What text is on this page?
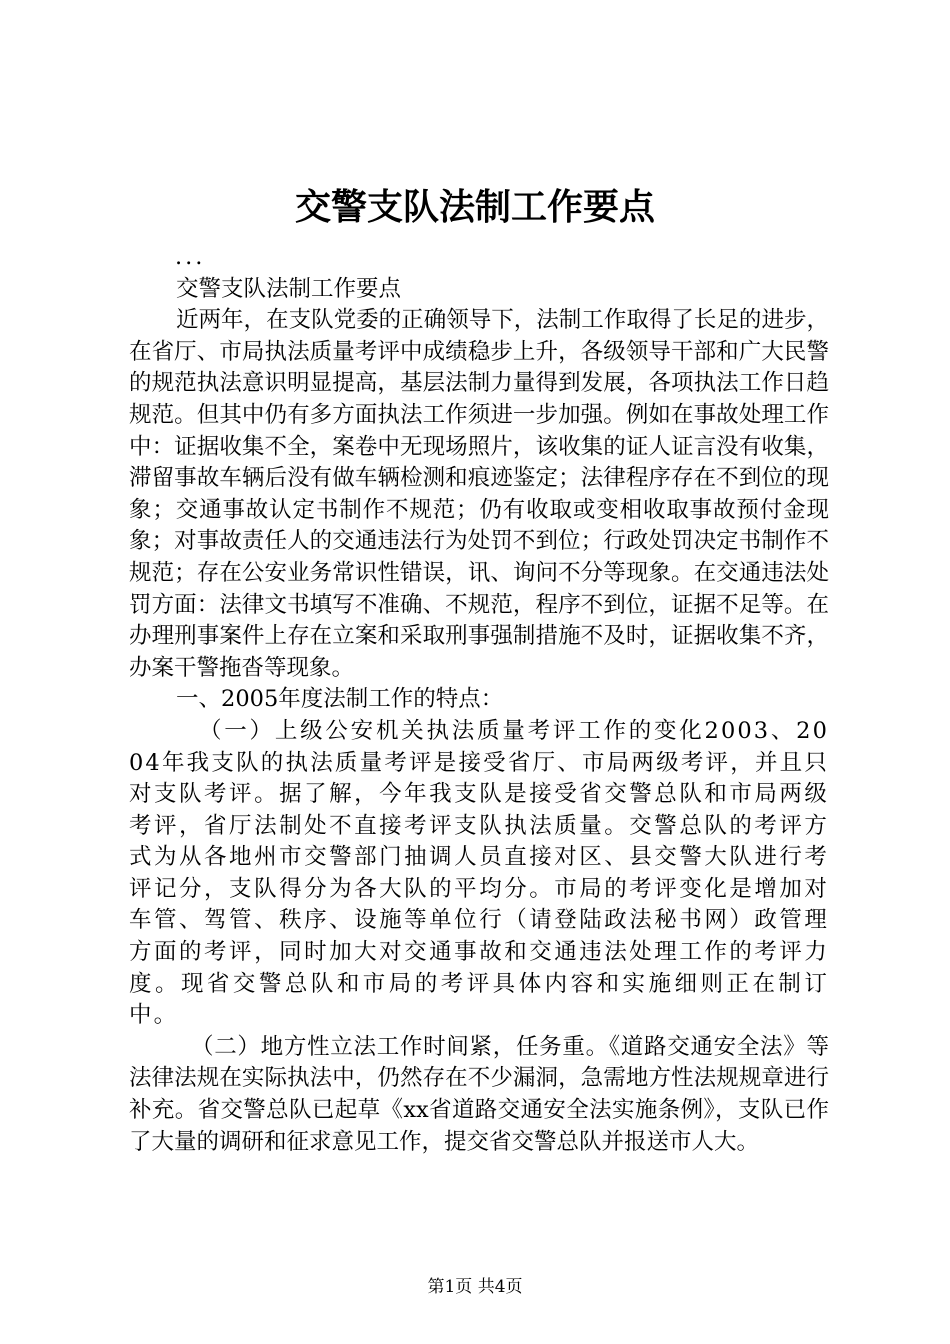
交警支队法制工作要点

...

交警支队法制工作要点

近两年，在支队党委的正确领导下，法制工作取得了长足的进步，在省厅、市局执法质量考评中成绩稳步上升，各级领导干部和广大民警的规范执法意识明显提高，基层法制力量得到发展，各项执法工作日趋规范。但其中仍有多方面执法工作须进一步加强。例如在事故处理工作中：证据收集不全，案卷中无现场照片，该收集的证人证言没有收集，滞留事故车辆后没有做车辆检测和痕迹鉴定；法律程序存在不到位的现象；交通事故认定书制作不规范；仍有收取或变相收取事故预付金现象；对事故责任人的交通违法行为处罚不到位；行政处罚决定书制作不规范；存在公安业务常识性错误，讯、询问不分等现象。在交通违法处罚方面：法律文书填写不准确、不规范，程序不到位，证据不足等。在办理刑事案件上存在立案和采取刑事强制措施不及时，证据收集不齐，办案干警拖沓等现象。

一、2005年度法制工作的特点：

（一）上级公安机关执法质量考评工作的变化2003、2004年我支队的执法质量考评是接受省厅、市局两级考评，并且只对支队考评。据了解，今年我支队是接受省交警总队和市局两级考评，省厅法制处不直接考评支队执法质量。交警总队的考评方式为从各地州市交警部门抽调人员直接对区、县交警大队进行考评记分，支队得分为各大队的平均分。市局的考评变化是增加对车管、驾管、秩序、设施等单位行（请登陆政法秘书网）政管理方面的考评，同时加大对交通事故和交通违法处理工作的考评力度。现省交警总队和市局的考评具体内容和实施细则正在制订中。

（二）地方性立法工作时间紧，任务重。《道路交通安全法》等法律法规在实际执法中，仍然存在不少漏洞，急需地方性法规规章进行补充。省交警总队已起草《xx省道路交通安全法实施条例》，支队已作了大量的调研和征求意见工作，提交省交警总队并报送市人大。

第1页 共4页
